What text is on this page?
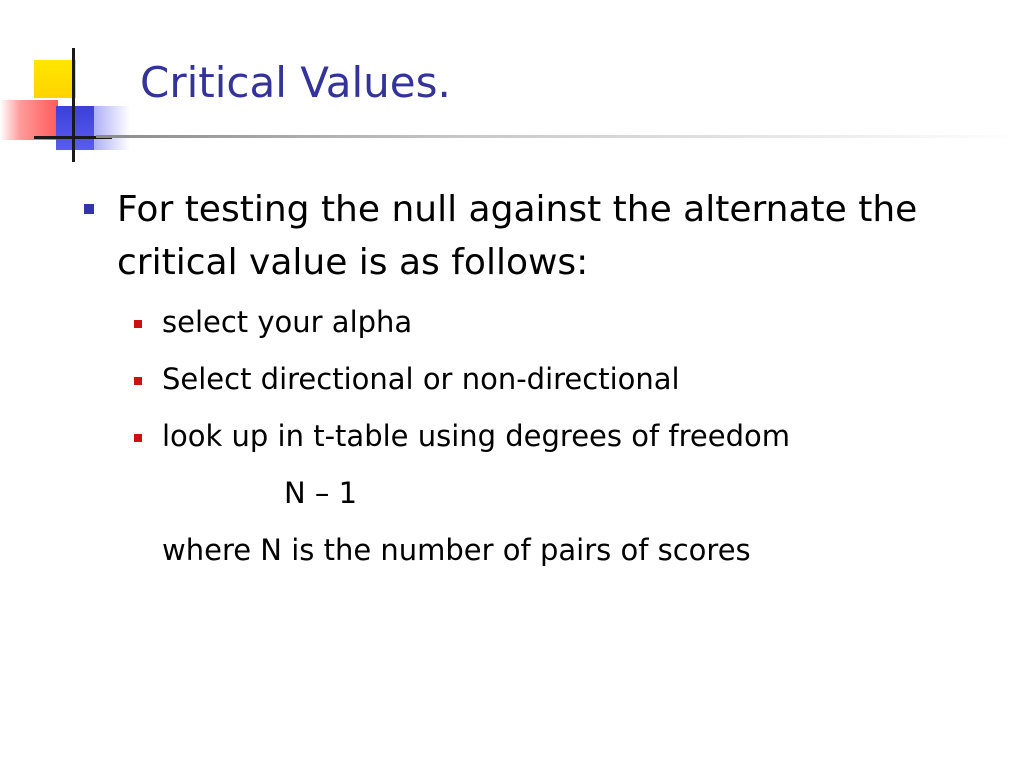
Critical Values.

For testing the null against the alternate the critical value is as follows:

select your alpha

Select directional or non-directional

look up in t-table using degrees of freedom

N – 1

where N is the number of pairs of scores
